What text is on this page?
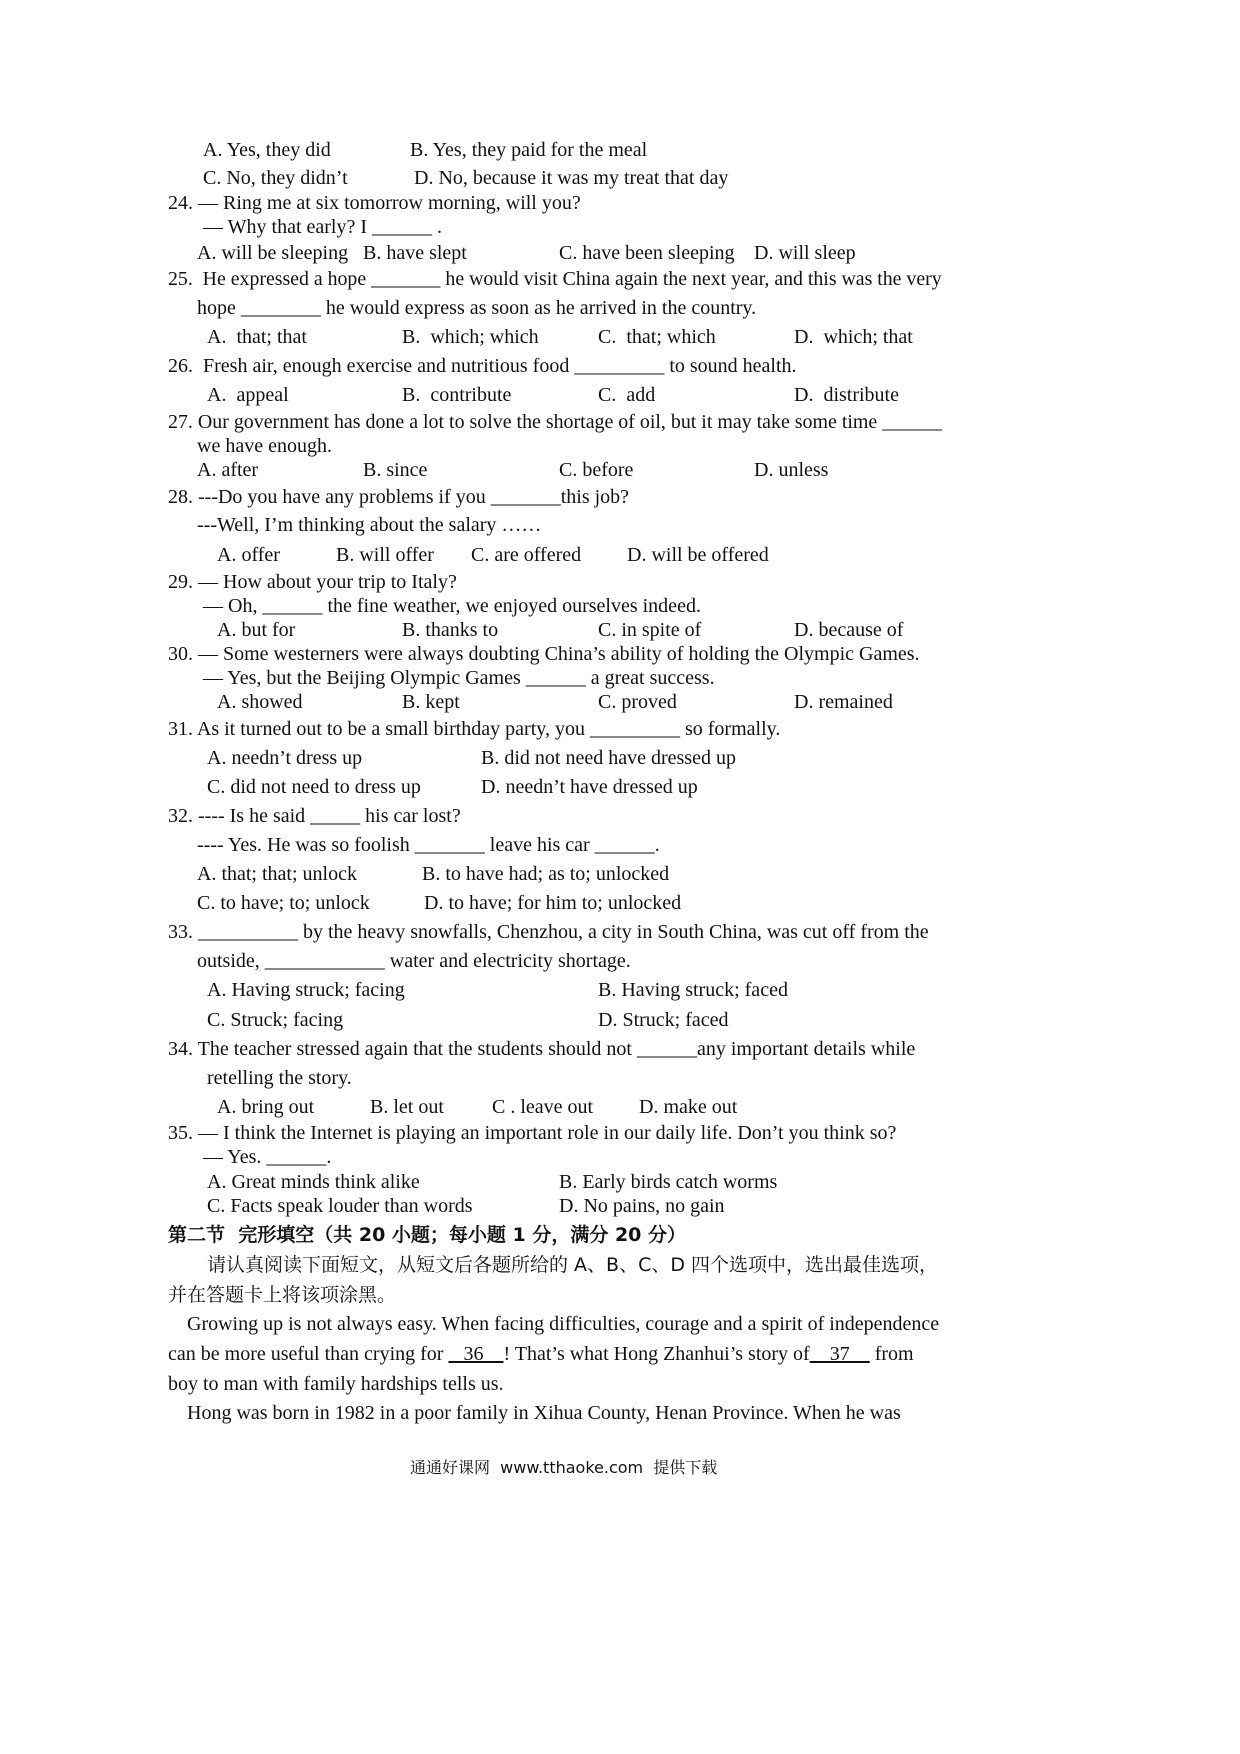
A. Yes, they did

	B. Yes, they paid for the meal

C. No, they didn’t

	D. No, because it was my treat that day

24. — Ring me at six tomorrow morning, will you?
— Why that early? I ______ .

A. will be sleeping

B. have slept

	C. have been sleeping

D. will sleep

25.  He expressed a hope _______ he would visit China again the next year, and this was the very
hope ________ he would express as soon as he arrived in the country.

A.  that; that

	B.  which; which

	C.  that; which

	D.  which; that

26.  Fresh air, enough exercise and nutritious food _________ to sound health.

A.  appeal

	B.  contribute

	C.  add

	D.  distribute

27. Our government has done a lot to solve the shortage of oil, but it may take some time ______
we have enough.

A. after

	B. since

	C. before

	D. unless

28. ---Do you have any problems if you _______this job?
---Well, I’m thinking about the salary ……

A. offer

	B. will offer

C. are offered

D. will be offered

29. — How about your trip to Italy?
— Oh, ______ the fine weather, we enjoyed ourselves indeed.

A. but for

	B. thanks to

	C. in spite of

	D. because of

30. — Some westerners were always doubting China’s ability of holding the Olympic Games.
— Yes, but the Beijing Olympic Games ______ a great success.

A. showed

	B. kept

	C. proved

	D. remained

31. As it turned out to be a small birthday party, you _________ so formally.

A. needn’t dress up

	B. did not need have dressed up

C. did not need to dress up

	D. needn’t have dressed up

32. ---- Is he said _____ his car lost?
---- Yes. He was so foolish _______ leave his car ______.

A. that; that; unlock

	B. to have had; as to; unlocked

C. to have; to; unlock

	D. to have; for him to; unlocked

33. __________ by the heavy snowfalls, Chenzhou, a city in South China, was cut off from the
outside, ____________ water and electricity shortage.

A. Having struck; facing

	B. Having struck; faced

C. Struck; facing

	D. Struck; faced

34. The teacher stressed again that the students should not ______any important details while
retelling the story.

A. bring out

	B. let out

C . leave out

D. make out

35. — I think the Internet is playing an important role in our daily life. Don’t you think so?
— Yes. ______.

A. Great minds think alike

	B. Early birds catch worms

C. Facts speak louder than words

	D. No pains, no gain

第二节  完形填空（共 20 小题；每小题 1 分，满分 20 分）
请认真阅读下面短文，从短文后各题所给的 A、B、C、D 四个选项中，选出最佳选项，
并在答题卡上将该项涂黑。
Growing up is not always easy. When facing difficulties, courage and a spirit of independence
can be more useful than crying for    36    ! That’s what Hong Zhanhui’s story of    37     from
boy to man with family hardships tells us.
Hong was born in 1982 in a poor family in Xihua County, Henan Province. When he was
通通好课网  www.tthaoke.com  提供下载
